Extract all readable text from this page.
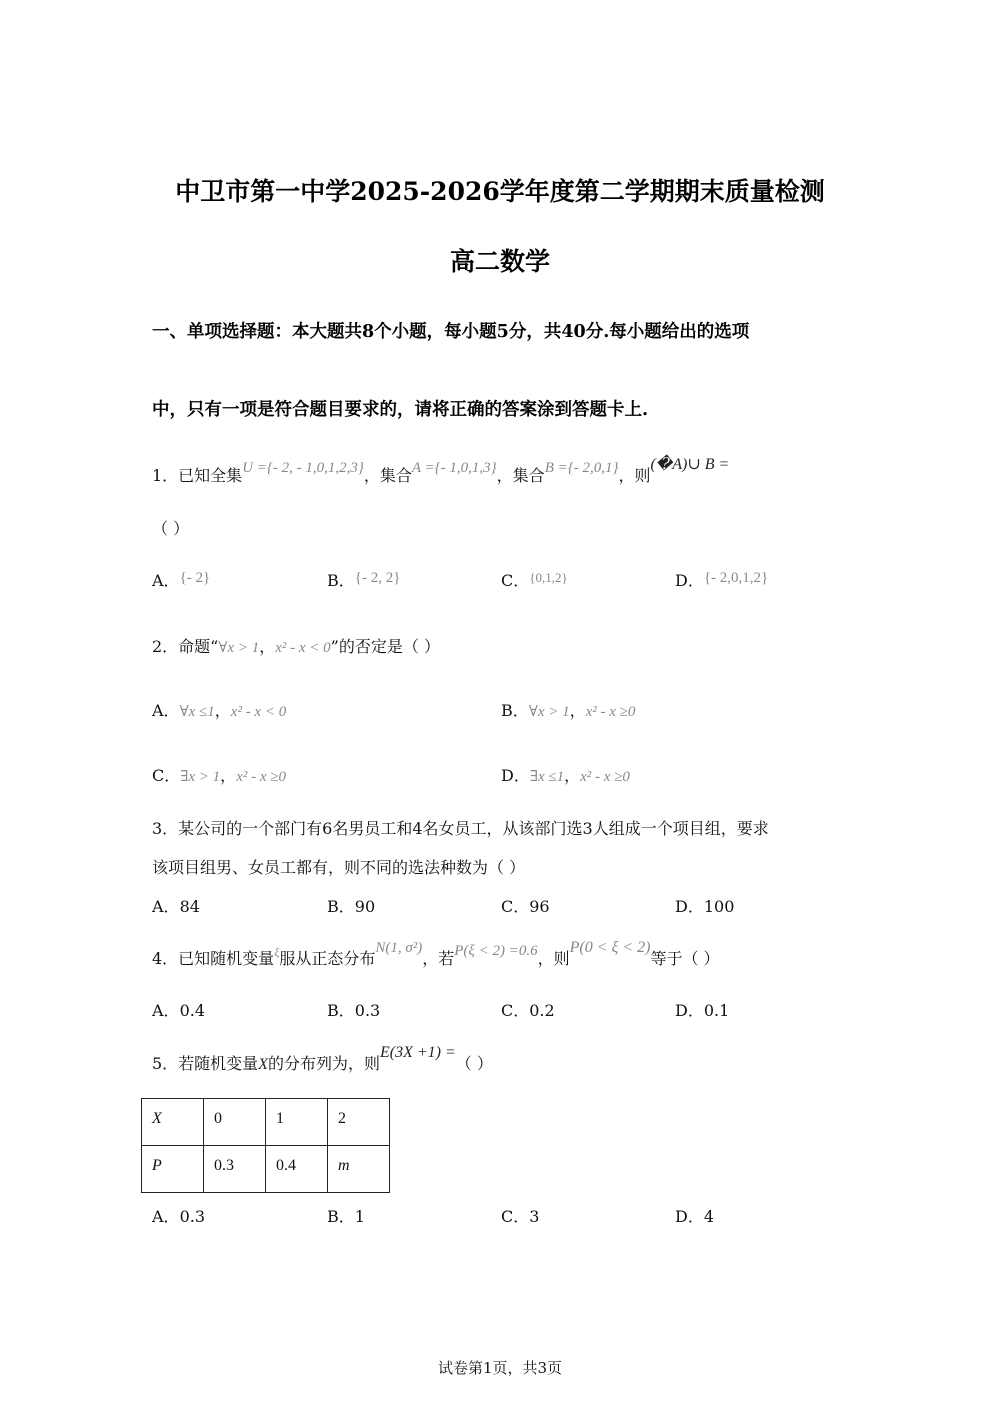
中卫市第一中学2025-2026学年度第二学期期末质量检测
高二数学
一、单项选择题：本大题共8个小题，每小题5分，共40分.每小题给出的选项
中，只有一项是符合题目要求的，请将正确的答案涂到答题卡上.
1．已知全集U ={- 2, - 1,0,1,2,3}，集合A ={- 1,0,1,3}，集合B ={- 2,0,1}，则(�A)∪ B =
（ ）
A．{- 2}	B．{- 2, 2}	C．$^{\{0,1,2\}}$	D．{- 2,0,1,2}
2．命题“∀x > 1，x² - x < 0”的否定是（ ）
A．∀x ≤1，x² - x < 0	B．∀x > 1，x² - x ≥0
C．∃x > 1，x² - x ≥0	D．∃x ≤1，x² - x ≥0
3．某公司的一个部门有6名男员工和4名女员工，从该部门选3人组成一个项目组，要求
该项目组男、女员工都有，则不同的选法种数为（ ）
A．84	B．90	C．96	D．100
4．已知随机变量$^\xi$服从正态分布N(1, σ²)，若P(ξ < 2) =0.6，则P(0 < ξ < 2)等于（ ）
A．0.4	B．0.3	C．0.2	D．0.1
5．若随机变量X的分布列为，则E(3X +1) =（ ）
X	0	1	2
P	0.3	0.4	m
A．0.3	B．1	C．3	D．4
试卷第1页，共3页
